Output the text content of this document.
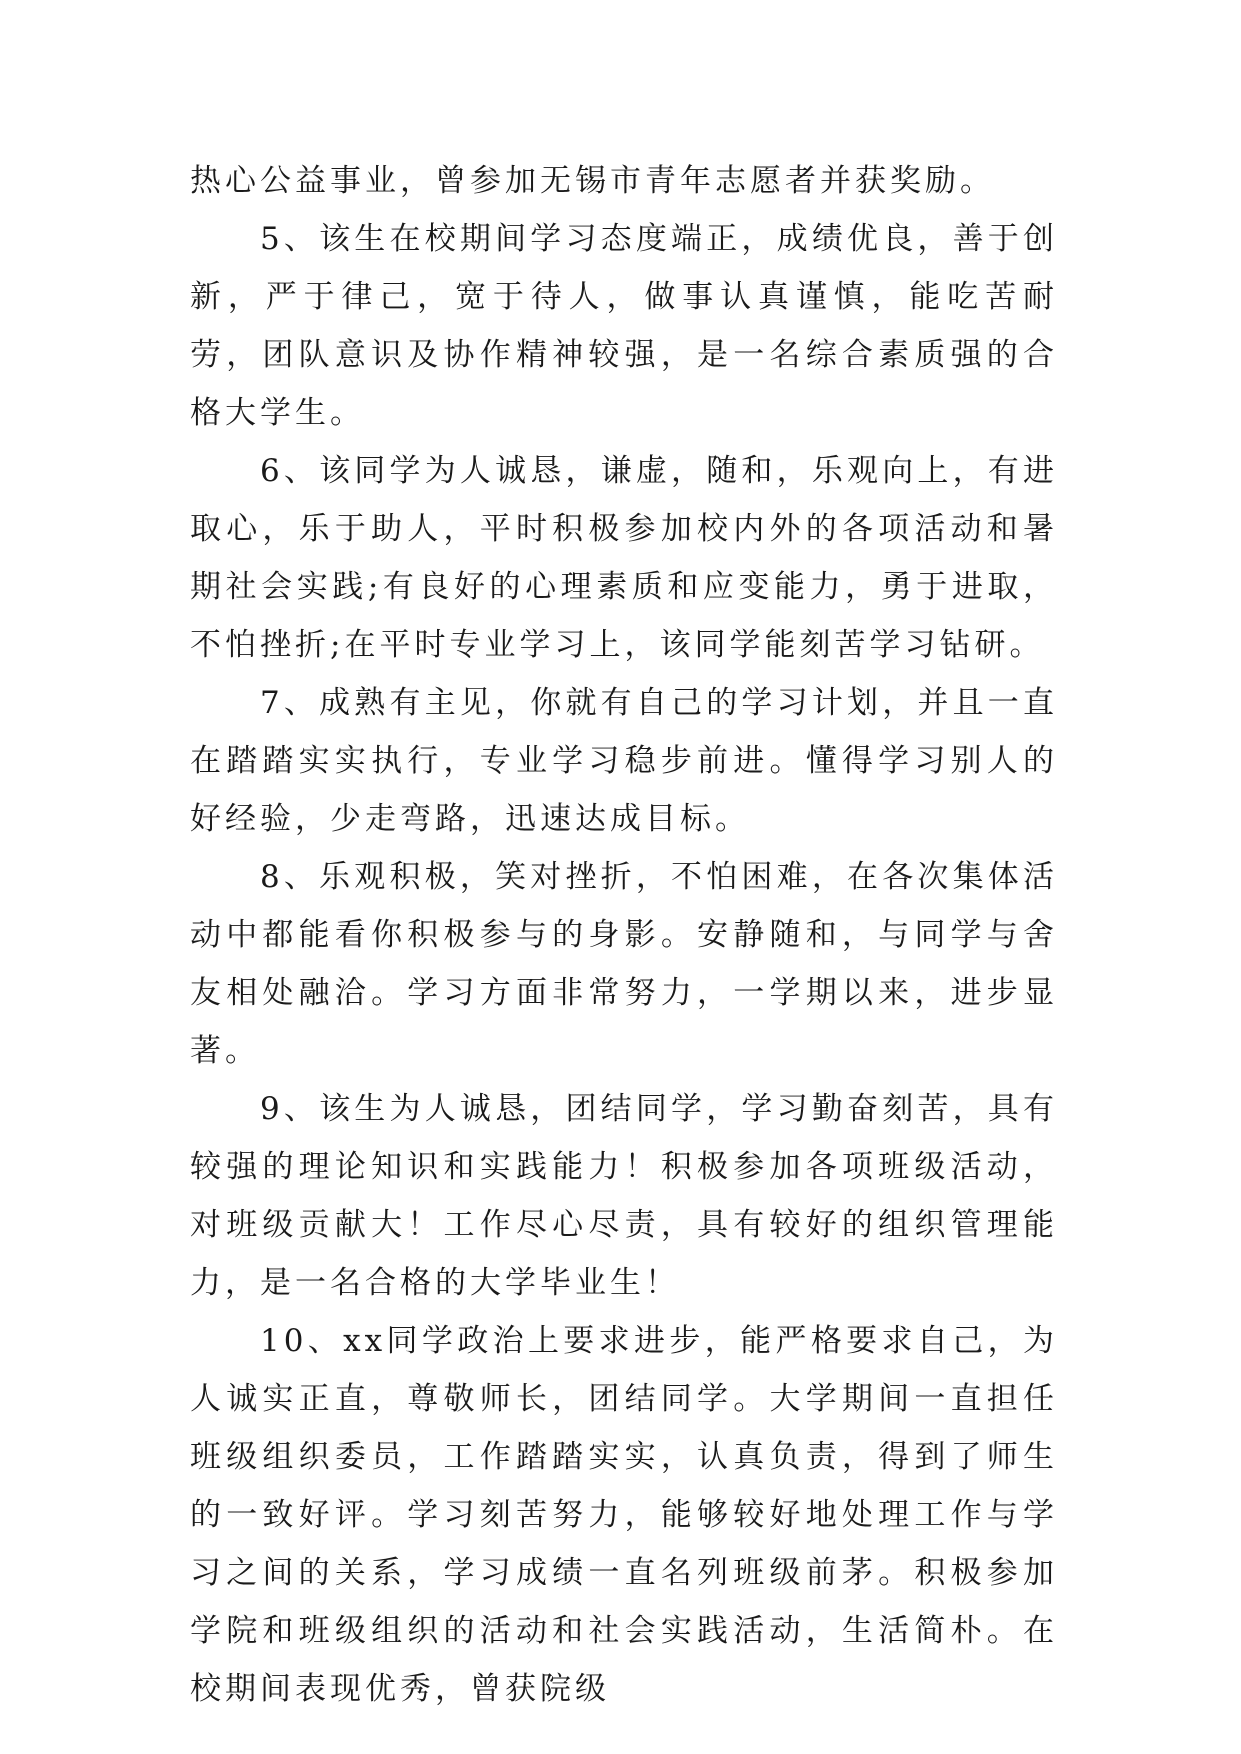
热心公益事业，曾参加无锡市青年志愿者并获奖励。

5、该生在校期间学习态度端正，成绩优良，善于创新，严于律己，宽于待人，做事认真谨慎，能吃苦耐劳，团队意识及协作精神较强，是一名综合素质强的合格大学生。

6、该同学为人诚恳，谦虚，随和，乐观向上，有进取心，乐于助人，平时积极参加校内外的各项活动和暑期社会实践;有良好的心理素质和应变能力，勇于进取，不怕挫折;在平时专业学习上，该同学能刻苦学习钻研。

7、成熟有主见，你就有自己的学习计划，并且一直在踏踏实实执行，专业学习稳步前进。懂得学习别人的好经验，少走弯路，迅速达成目标。

8、乐观积极，笑对挫折，不怕困难，在各次集体活动中都能看你积极参与的身影。安静随和，与同学与舍友相处融洽。学习方面非常努力，一学期以来，进步显著。

9、该生为人诚恳，团结同学，学习勤奋刻苦，具有较强的理论知识和实践能力！积极参加各项班级活动，对班级贡献大！工作尽心尽责，具有较好的组织管理能力，是一名合格的大学毕业生！

10、xx同学政治上要求进步，能严格要求自己，为人诚实正直，尊敬师长，团结同学。大学期间一直担任班级组织委员，工作踏踏实实，认真负责，得到了师生的一致好评。学习刻苦努力，能够较好地处理工作与学习之间的关系，学习成绩一直名列班级前茅。积极参加学院和班级组织的活动和社会实践活动，生活简朴。在校期间表现优秀，曾获院级
